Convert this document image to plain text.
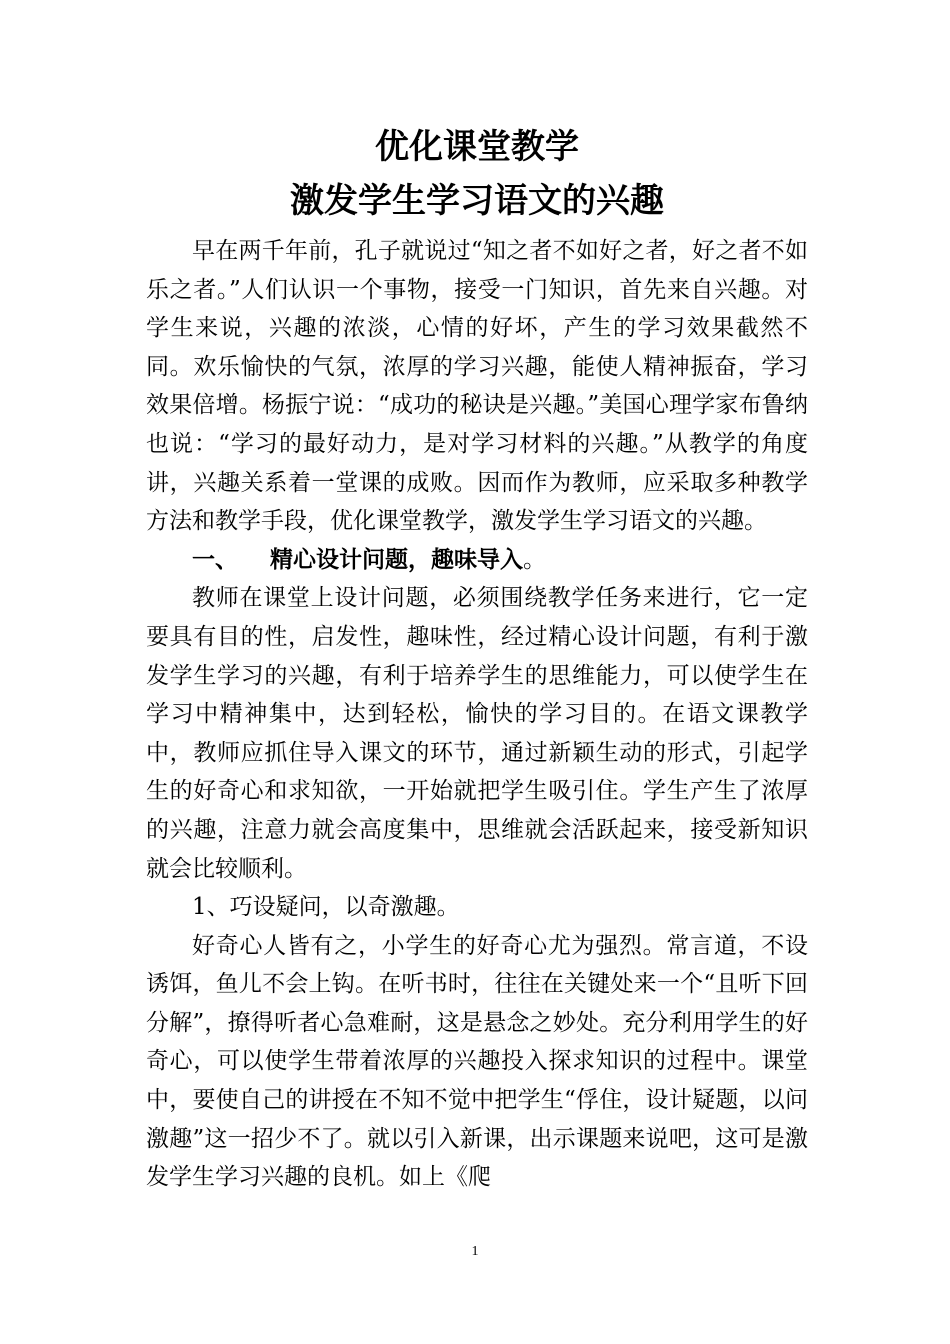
优化课堂教学
激发学生学习语文的兴趣

早在两千年前，孔子就说过“知之者不如好之者，好之者不如乐之者。”人们认识一个事物，接受一门知识，首先来自兴趣。对学生来说，兴趣的浓淡，心情的好坏，产生的学习效果截然不同。欢乐愉快的气氛，浓厚的学习兴趣，能使人精神振奋，学习效果倍增。杨振宁说：“成功的秘诀是兴趣。”美国心理学家布鲁纳也说：“学习的最好动力，是对学习材料的兴趣。”从教学的角度讲，兴趣关系着一堂课的成败。因而作为教师，应采取多种教学方法和教学手段，优化课堂教学，激发学生学习语文的兴趣。

一、 精心设计问题，趣味导入。

教师在课堂上设计问题，必须围绕教学任务来进行，它一定要具有目的性，启发性，趣味性，经过精心设计问题，有利于激发学生学习的兴趣，有利于培养学生的思维能力，可以使学生在学习中精神集中，达到轻松，愉快的学习目的。在语文课教学中，教师应抓住导入课文的环节，通过新颖生动的形式，引起学生的好奇心和求知欲，一开始就把学生吸引住。学生产生了浓厚的兴趣，注意力就会高度集中，思维就会活跃起来，接受新知识就会比较顺利。

1、巧设疑问，以奇激趣。

好奇心人皆有之，小学生的好奇心尤为强烈。常言道，不设诱饵，鱼儿不会上钩。在听书时，往往在关键处来一个“且听下回分解”，撩得听者心急难耐，这是悬念之妙处。充分利用学生的好奇心，可以使学生带着浓厚的兴趣投入探求知识的过程中。课堂中，要使自己的讲授在不知不觉中把学生“俘住，设计疑题，以问激趣”这一招少不了。就以引入新课，出示课题来说吧，这可是激发学生学习兴趣的良机。如上《爬

1
